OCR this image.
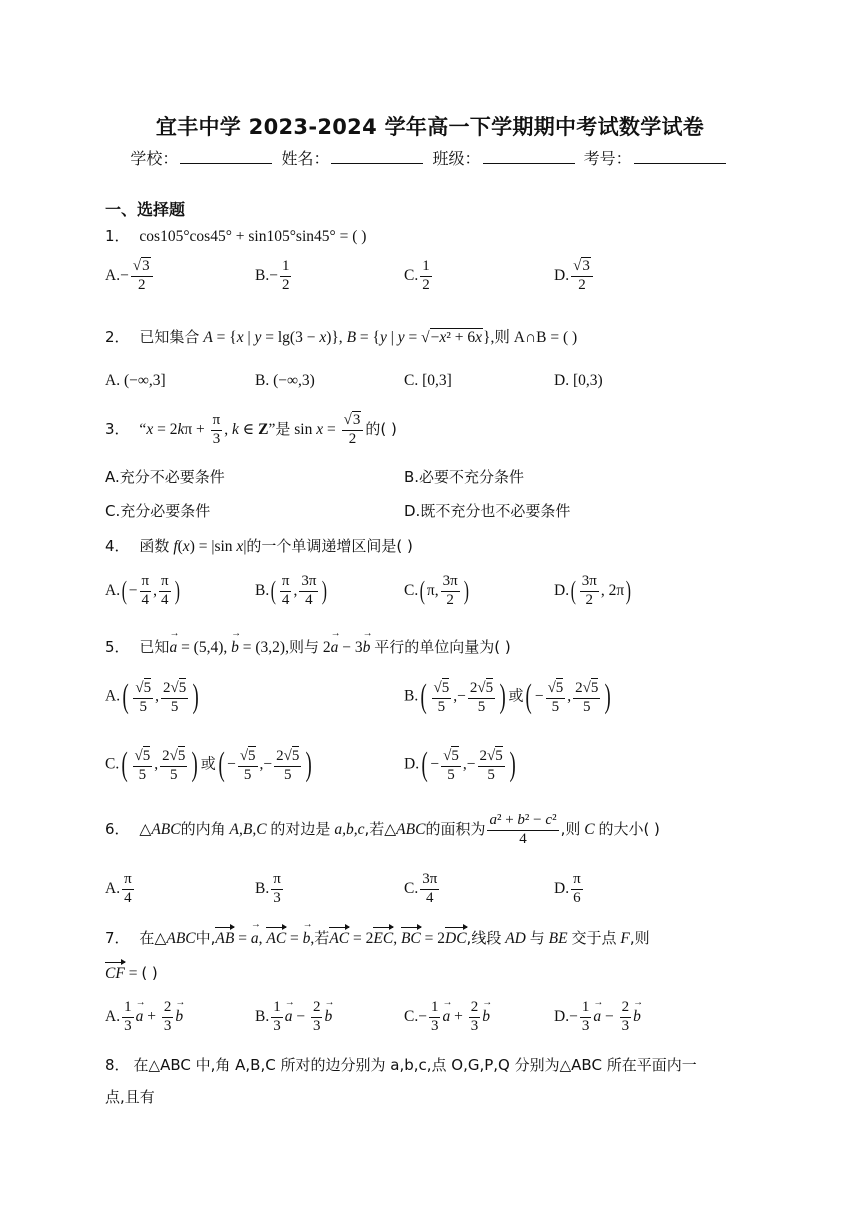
宜丰中学 2023-2024 学年高一下学期期中考试数学试卷
学校：	姓名：	班级：	考号：
一、选择题
1． cos105°cos45° + sin105°sin45° = ( )
$A.- \frac{√3}{2}$	$B.- \frac{1}{2}$	C. $\frac{1}{2}$	D. $\frac{√3}{2}$
2． 已知集合 A = {x | y = lg(3 − x)}, B = {y | y = √−x² + 6x},则 A∩B = ( )
A. (−∞,3]	B. (−∞,3)	C. [0,3]	D. [0,3)
3． “$x = 2k\pi + \frac{\pi}{3}$ , k ∈ Z”是 $\sin x = \frac{√3}{2}$ 的( )
A.充分不必要条件	B.必要不充分条件
C.充分必要条件	D.既不充分也不必要条件
4． 函数 f(x) = |sin x|的一个单调递增区间是( )
$A.( - \frac{\pi}{4}$ , $\frac{\pi}{4}$ )	$B.( \frac{\pi}{4}$ , $\frac{3\pi}{4}$ )	C.( π, $\frac{3\pi}{2}$ )	$D.( \frac{3\pi}{2}$ , 2π)
5． 已知→ a = (5,4), → b = (3,2),则与 2→ a − 3→ b 平行的单位向量为( )
$A.( \frac{√5}{5}$ , $\frac{2√5}{5}$ )	$B.( \frac{√5}{5}$ ,− $\frac{2√5}{5}$ ) 或( − $\frac{√5}{5}$ , $\frac{2√5}{5}$ )
$C.( \frac{√5}{5}$ , $\frac{2√5}{5}$ ) 或( − $\frac{√5}{5}$ ,− $\frac{2√5}{5}$ )	$D.( - \frac{√5}{5}$ ,− $\frac{2√5}{5}$ )
6． △ABC的内角 A,B,C 的对边是 a,b,c,若△ABC的面积为 $\frac{\text{a² + b² − c²}}{4}$ ,则 C 的大小( )
A. $\frac{\pi}{4}$	B. $\frac{\pi}{3}$	C. $\frac{3\pi}{4}$	D. $\frac{\pi}{6}$
7． 在△ABC中,AB = → a, AC = → b,若AC = 2EC, BC = 2DC,线段 AD 与 BE 交于点 F,则
CF = ( )
A. $\frac{1}{3}$
→ $a + \frac{2}{3}$
→ b	B. $\frac{1}{3}$
→ $a - \frac{2}{3}$
→ b	$C.- \frac{1}{3}$
→ $a + \frac{2}{3}$
→ b	$D.- \frac{1}{3}$
→ $a - \frac{2}{3}$
→ b
8． 在△ABC 中,角 A,B,C 所对的边分别为 a,b,c,点 O,G,P,Q 分别为△ABC 所在平面内一
点,且有
